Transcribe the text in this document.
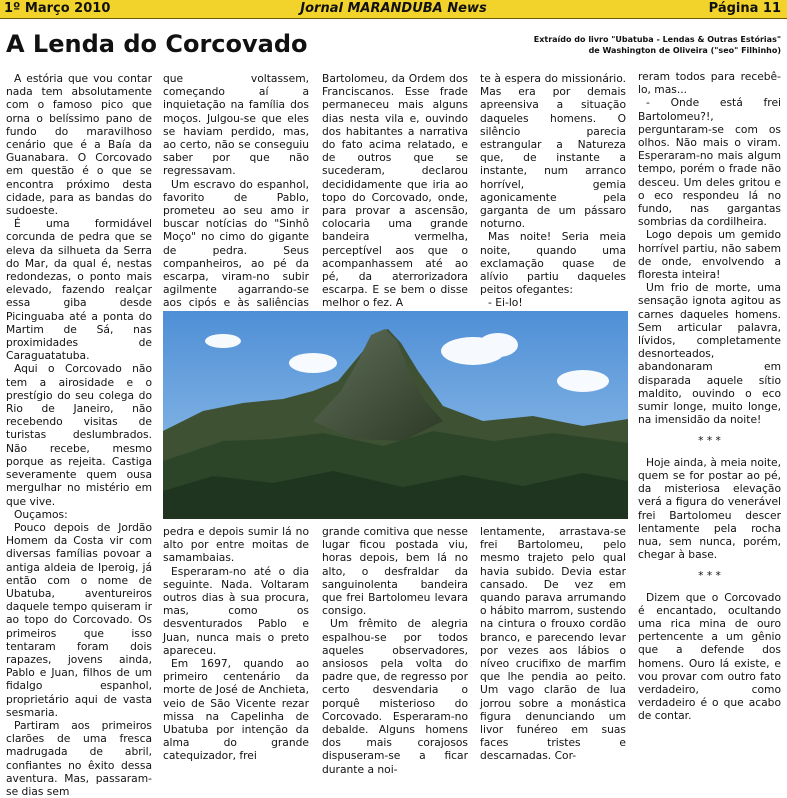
1º Março 2010	Jornal MARANDUBA News	Página 11
A Lenda do Corcovado	Extraído do livro "Ubatuba - Lendas & Outras Estórias"
de Washington de Oliveira ("seo" Filhinho)

A estória que vou contar nada tem absolutamente com o famoso pico que orna o belíssimo pano de fundo do maravilhoso cenário que é a Baía da Guanabara. O Corcovado em questão é o que se encontra próximo desta cidade, para as bandas do sudoeste.

É uma formidável corcunda de pedra que se eleva da silhueta da Serra do Mar, da qual é, nestas redondezas, o ponto mais elevado, fazendo realçar essa giba desde Picinguaba até a ponta do Martim de Sá, nas proximidades de Caraguatatuba.

Aqui o Corcovado não tem a airosidade e o prestígio do seu colega do Rio de Janeiro, não recebendo visitas de turistas deslumbrados. Não recebe, mesmo porque as rejeita. Castiga severamente quem ousa mergulhar no mistério em que vive.

Ouçamos:

Pouco depois de Jordão Homem da Costa vir com diversas famílias povoar a antiga aldeia de Iperoig, já então com o nome de Ubatuba, aventureiros daquele tempo quiseram ir ao topo do Corcovado. Os primeiros que isso tentaram foram dois rapazes, jovens ainda, Pablo e Juan, filhos de um fidalgo espanhol, proprietário aqui de vasta sesmaria.

Partiram aos primeiros clarões de uma fresca madrugada de abril, confiantes no êxito dessa aventura. Mas, passaram-se dias sem

que voltassem, começando aí a inquietação na família dos moços. Julgou-se que eles se haviam perdido, mas, ao certo, não se conseguiu saber por que não regressavam.

Um escravo do espanhol, favorito de Pablo, prometeu ao seu amo ir buscar notícias do "Sinhô Moço" no cimo do gigante de pedra. Seus companheiros, ao pé da escarpa, viram-no subir agilmente agarrando-se aos cipós e às saliências

Bartolomeu, da Ordem dos Franciscanos. Esse frade permaneceu mais alguns dias nesta vila e, ouvindo dos habitantes a narrativa do fato acima relatado, e de outros que se sucederam, declarou decididamente que iria ao topo do Corcovado, onde, para provar a ascensão, colocaria uma grande bandeira vermelha, perceptível aos que o acompanhassem até ao pé, da aterrorizadora escarpa. E se bem o disse melhor o fez. A

te à espera do missionário. Mas era por demais apreensiva a situação daqueles homens. O silêncio parecia estrangular a Natureza que, de instante a instante, num arranco horrível, gemia agonicamente pela garganta de um pássaro noturno.

Mas noite! Seria meia noite, quando uma exclamação quase de alívio partiu daqueles peitos ofegantes:

- Ei-lo!

reram todos para recebê-lo, mas...

- Onde está frei Bartolomeu?!, perguntaram-se com os olhos. Não mais o viram. Esperaram-no mais algum tempo, porém o fradе não desceu. Um deles gritou e o eco respondeu lá no fundo, nas gargantas sombrias da cordilheira.

Logo depois um gemido horrível partiu, não sabem de onde, envolvendo a floresta inteira!

Um frio de morte, uma sensação ignota agitou as carnes daqueles homens. Sem articular palavra, lívidos, completamente desnorteados, abandonaram em disparada aquele sítio maldito, ouvindo o eco sumir longe, muito longe, na imensidão da noite!

* * *

Hoje ainda, à meia noite, quem se for postar ao pé, da misteriosa elevação verá a figura do venerável frei Bartolomeu descer lentamente pela rocha nua, sem nunca, porém, chegar à base.

* * *

Dizem que o Corcovado é encantado, ocultando uma rica mina de ouro pertencente a um gênio que a defende dos homens. Ouro lá existe, e vou provar com outro fato verdadeiro, como verdadeiro é o que acabo de contar.

pedra e depois sumir lá no alto por entre moitas de samambaias.

Esperaram-no até o dia seguinte. Nada. Voltaram outros dias à sua procura, mas, como os desventurados Pablo e Juan, nunca mais o preto apareceu.

Em 1697, quando ao primeiro centenário da morte de José de Anchieta, veio de São Vicente rezar missa na Capelinha de Ubatuba por intenção da alma do grande catequizador, frei

grande comitiva que nesse lugar ficou postada viu, horas depois, bem lá no alto, o desfraldar da sanguinolenta bandeira que frei Bartolomeu levara consigo.

Um frêmito de alegria espalhou-se por todos aqueles observadores, ansiosos pela volta do padre que, de regresso por certo desvendaria o porquê misterioso do Corcovado. Esperaram-no debalde. Alguns homens dos mais corajosos dispuseram-se a ficar durante a noi-

lentamente, arrastava-se frei Bartolomeu, pelo mesmo trajeto pelo qual havia subido. Devia estar cansado. De vez em quando parava arrumando o hábito marrom, sustendo na cintura o frouxo cordão branco, e parecendo levar por vezes aos lábios o níveo crucifixo de marfim que lhe pendia ao peito. Um vago clarão de lua jorrou sobre a monástica figura denunciando um livor funéreo em suas faces tristes e descarnadas. Cor-
